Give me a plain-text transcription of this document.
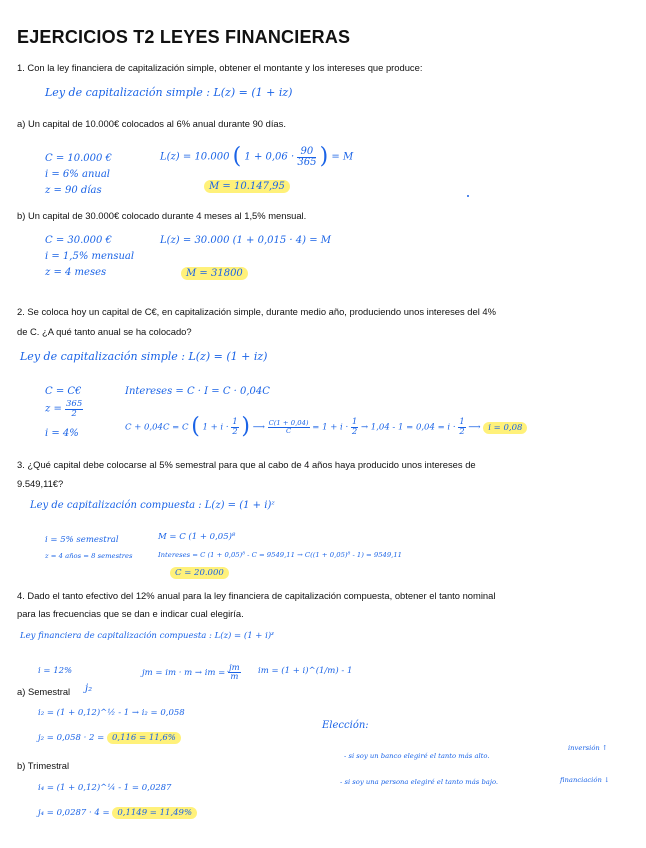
EJERCICIOS T2 LEYES FINANCIERAS
1. Con la ley financiera de capitalización simple, obtener el montante y los intereses que produce:
Ley de capitalización simple : L(z) = (1 + iz)
a) Un capital de 10.000€ colocados al 6% anual durante 90 días.
C = 10.000 €
i = 6% anual
z = 90 días
L(z) = 10.000 ( $1 + 0,06 \cdot \frac{90}{365}$ ) = M
M = 10.147,95
b) Un capital de 30.000€ colocado durante 4 meses al 1,5% mensual.
C = 30.000 €
i = 1,5% mensual
z = 4 meses
L(z) = 30.000 (1 + 0,015 · 4) = M
M = 31800
2. Se coloca hoy un capital de C€, en capitalización simple, durante medio año, produciendo unos intereses del 4%
de C. ¿A qué tanto anual se ha colocado?
Ley de capitalización simple : L(z) = (1 + iz)
C = C€
$z = \frac{365}{2}$
i = 4%
Intereses = C · I = C · 0,04C
C + 0,04C = C ( $1 + i \cdot \frac{1}{2}$ ) ⟶ $\frac{C(1 + 0,04)}{C} = 1 + i \cdot \frac{1}{2} \to 1,04 - 1 = 0,04 = i \cdot \frac{1}{2}$ ⟶ i = 0,08
3. ¿Qué capital debe colocarse al 5% semestral para que al cabo de 4 años haya producido unos intereses de
9.549,11€?
Ley de capitalización compuesta : L(z) = (1 + i)ᶻ
i = 5% semestral
z = 4 años = 8 semestres
M = C (1 + 0,05)⁸
Intereses = C (1 + 0,05)⁸ - C = 9549,11 → C((1 + 0,05)⁸ - 1) = 9549,11
C = 20.000
4. Dado el tanto efectivo del 12% anual para la ley financiera de capitalización compuesta, obtener el tanto nominal
para las frecuencias que se dan e indicar cual elegiría.
Ley financiera de capitalización compuesta : L(z) = (1 + i)ᶻ
i = 12%	jm = im · m → im = $\frac{jm}{m}$ im = (1 + i)^(1/m) - 1
a) Semestral j₂
i₂ = (1 + 0,12)^½ - 1 → i₂ = 0,058
j₂ = 0,058 · 2 = 0,116 = 11,6%
b) Trimestral
i₄ = (1 + 0,12)^¼ - 1 = 0,0287
j₄ = 0,0287 · 4 = 0,1149 = 11,49%
Elección:
- si soy un banco elegiré el tanto más alto.
inversión ↑
- si soy una persona elegiré el tanto más bajo.	financiación ↓
